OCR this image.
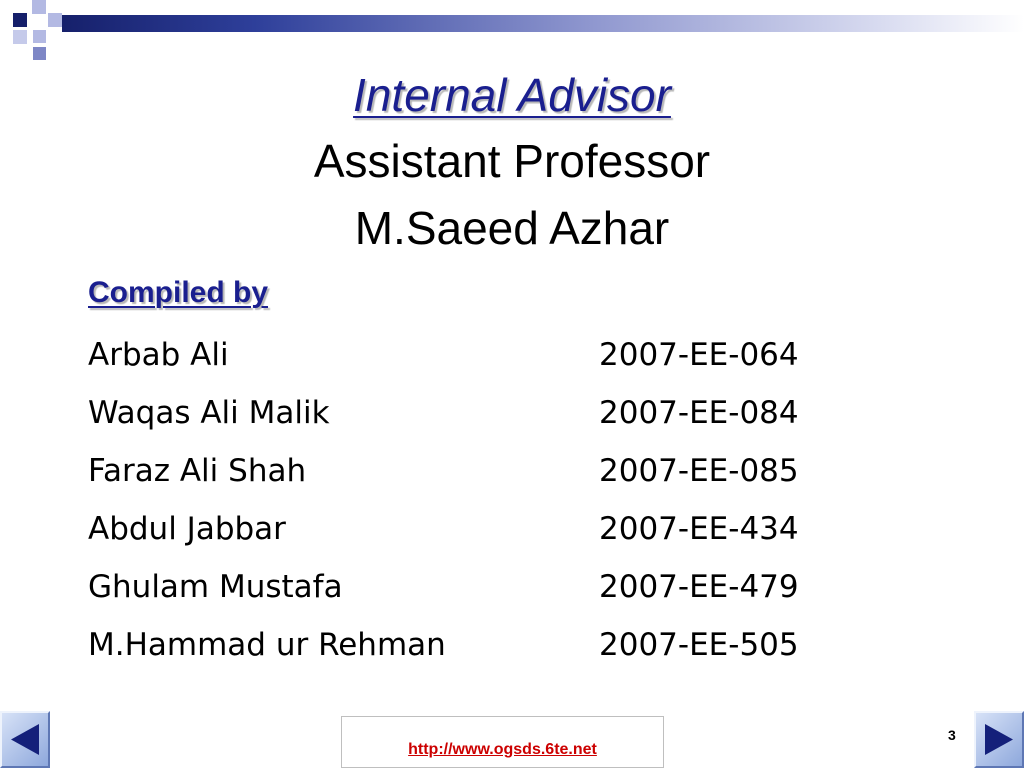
Internal Advisor
Assistant Professor
M.Saeed Azhar
Compiled by
Arbab Ali	2007-EE-064
Waqas Ali Malik	2007-EE-084
Faraz Ali Shah	2007-EE-085
Abdul Jabbar	2007-EE-434
Ghulam Mustafa	2007-EE-479
M.Hammad ur Rehman	2007-EE-505
http://www.ogsds.6te.net
3
